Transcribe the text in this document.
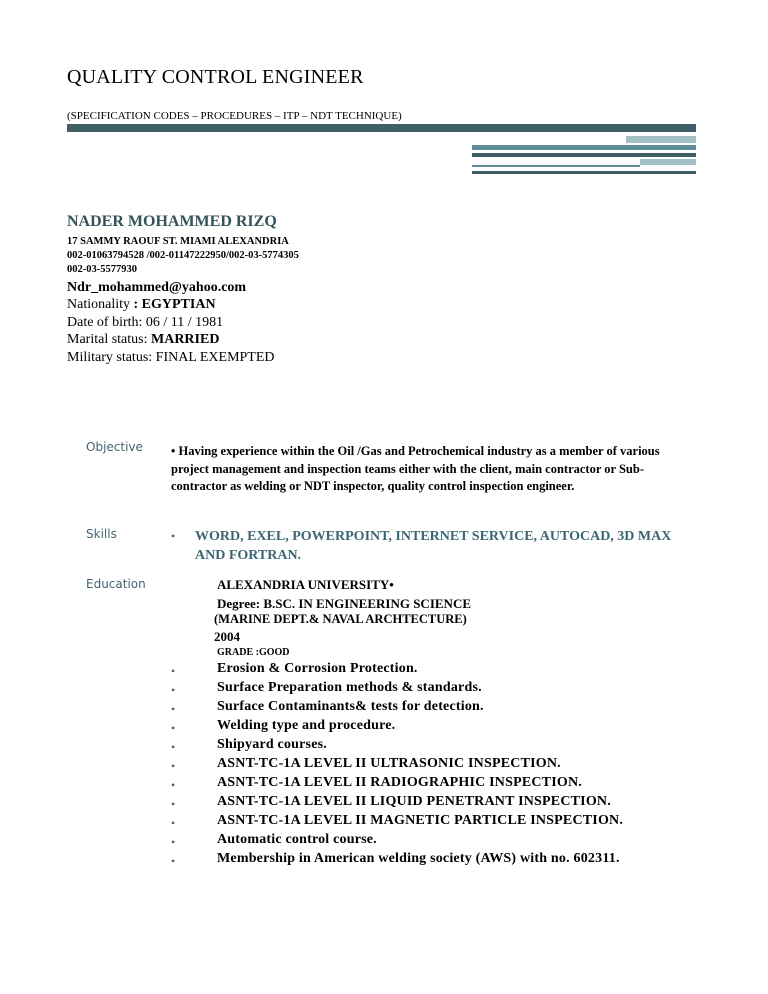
QUALITY CONTROL ENGINEER
(SPECIFICATION CODES – PROCEDURES – ITP – NDT TECHNIQUE)
NADER MOHAMMED RIZQ
17 SAMMY RAOUF ST. MIAMI ALEXANDRIA
002-01063794528 /002-01147222950/002-03-5774305
002-03-5577930
Ndr_mohammed@yahoo.com
Nationality : EGYPTIAN
Date of birth: 06 / 11 / 1981
Marital status: MARRIED
Military status: FINAL EXEMPTED
Objective • Having experience within the Oil /Gas and Petrochemical industry as a member of various project management and inspection teams either with the client, main contractor or Sub-contractor as welding or NDT inspector, quality control inspection engineer.
Skills	• WORD, EXEL, POWERPOINT, INTERNET SERVICE, AUTOCAD, 3D MAX AND FORTRAN.
Education	ALEXANDRIA UNIVERSITY•
Degree: B.SC. IN ENGINEERING SCIENCE
(MARINE DEPT.& NAVAL ARCHTECTURE)
2004
GRADE :GOOD
•	Erosion & Corrosion Protection.
•	Surface Preparation methods & standards.
•	Surface Contaminants& tests for detection.
•	Welding type and procedure.
•	Shipyard courses.
•	ASNT-TC-1A LEVEL II ULTRASONIC INSPECTION.
•	ASNT-TC-1A LEVEL II RADIOGRAPHIC INSPECTION.
•	ASNT-TC-1A LEVEL II LIQUID PENETRANT INSPECTION.
•	ASNT-TC-1A LEVEL II MAGNETIC PARTICLE INSPECTION.
•	Automatic control course.
•	Membership in American welding society (AWS) with no. 602311.
